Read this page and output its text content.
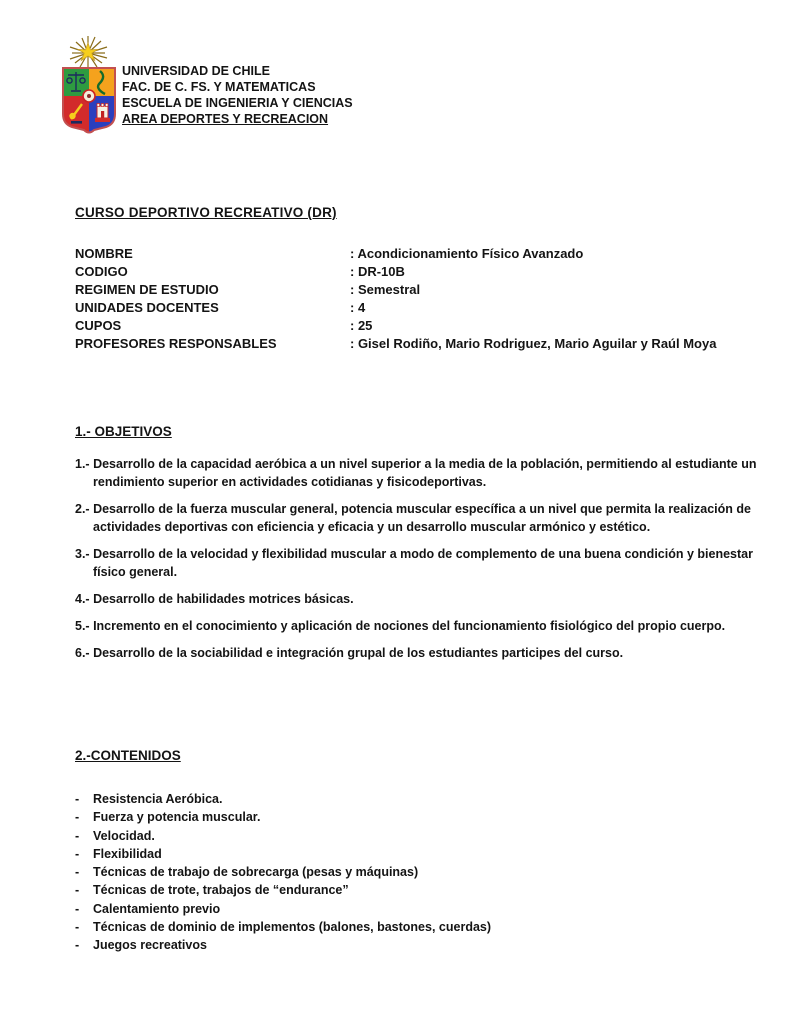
UNIVERSIDAD DE CHILE
FAC. DE C. FS. Y MATEMATICAS
ESCUELA DE INGENIERIA Y CIENCIAS
AREA DEPORTES Y RECREACION
CURSO DEPORTIVO RECREATIVO (DR)
NOMBRE	: Acondicionamiento Físico Avanzado
CODIGO	: DR-10B
REGIMEN DE ESTUDIO	: Semestral
UNIDADES DOCENTES	: 4
CUPOS	: 25
PROFESORES RESPONSABLES	: Gisel Rodiño, Mario Rodriguez, Mario Aguilar y Raúl Moya
1.- OBJETIVOS

1.- Desarrollo de la capacidad aeróbica a un nivel superior a la media de la población, permitiendo al estudiante un rendimiento superior en actividades cotidianas y fisicodeportivas.

2.- Desarrollo de la fuerza muscular general, potencia muscular específica a un nivel que permita la realización de actividades deportivas con eficiencia y eficacia y un desarrollo muscular armónico y estético.

3.- Desarrollo de la velocidad y flexibilidad muscular a modo de complemento de una buena condición y bienestar físico general.

4.- Desarrollo de habilidades motrices básicas.

5.- Incremento en el conocimiento y aplicación de nociones del funcionamiento fisiológico del propio cuerpo.

6.- Desarrollo de la sociabilidad e integración grupal de los estudiantes participes del curso.

2.-CONTENIDOS
-	Resistencia Aeróbica.
-	Fuerza y potencia muscular.
-	Velocidad.
-	Flexibilidad
-	Técnicas de trabajo de sobrecarga (pesas y máquinas)
-	Técnicas de trote, trabajos de “endurance”
-	Calentamiento previo
-	Técnicas de dominio de implementos (balones, bastones, cuerdas)
-	Juegos recreativos
